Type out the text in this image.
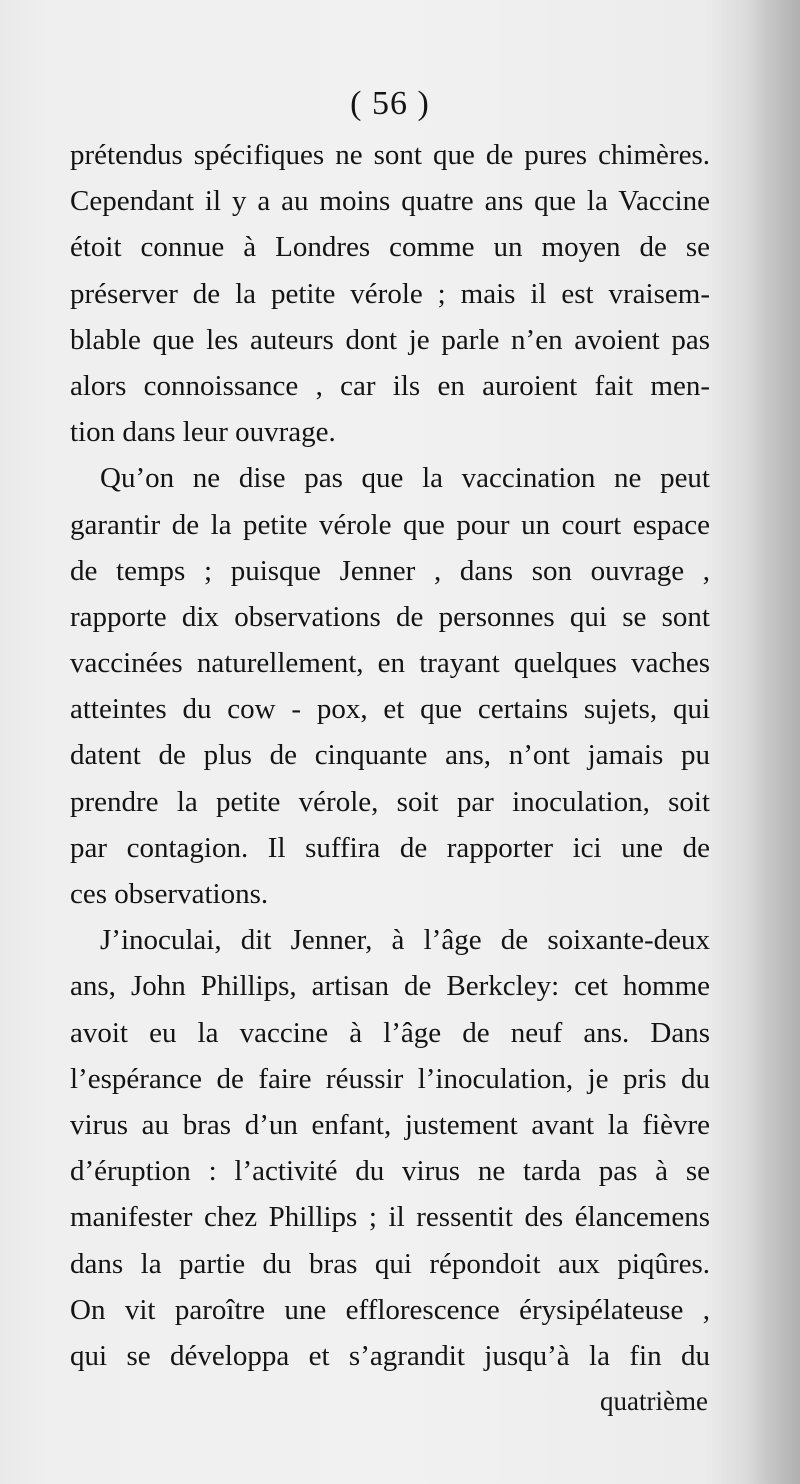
( 56 )
prétendus spécifiques ne sont que de pures chimères.
Cependant il y a au moins quatre ans que la Vaccine
étoit connue à Londres comme un moyen de se
préserver de la petite vérole ; mais il est vraisem-
blable que les auteurs dont je parle n’en avoient pas
alors connoissance , car ils en auroient fait men-
tion dans leur ouvrage.
Qu’on ne dise pas que la vaccination ne peut
garantir de la petite vérole que pour un court espace
de temps ; puisque Jenner , dans son ouvrage ,
rapporte dix observations de personnes qui se sont
vaccinées naturellement, en trayant quelques vaches
atteintes du cow - pox, et que certains sujets, qui
datent de plus de cinquante ans, n’ont jamais pu
prendre la petite vérole, soit par inoculation, soit
par contagion. Il suffira de rapporter ici une de
ces observations.
J’inoculai, dit Jenner, à l’âge de soixante-deux
ans, John Phillips, artisan de Berkcley: cet homme
avoit eu la vaccine à l’âge de neuf ans. Dans
l’espérance de faire réussir l’inoculation, je pris du
virus au bras d’un enfant, justement avant la fièvre
d’éruption : l’activité du virus ne tarda pas à se
manifester chez Phillips ; il ressentit des élancemens
dans la partie du bras qui répondoit aux piqûres.
On vit paroître une efflorescence érysipélateuse ,
qui se développa et s’agrandit jusqu’à la fin du
quatrième
